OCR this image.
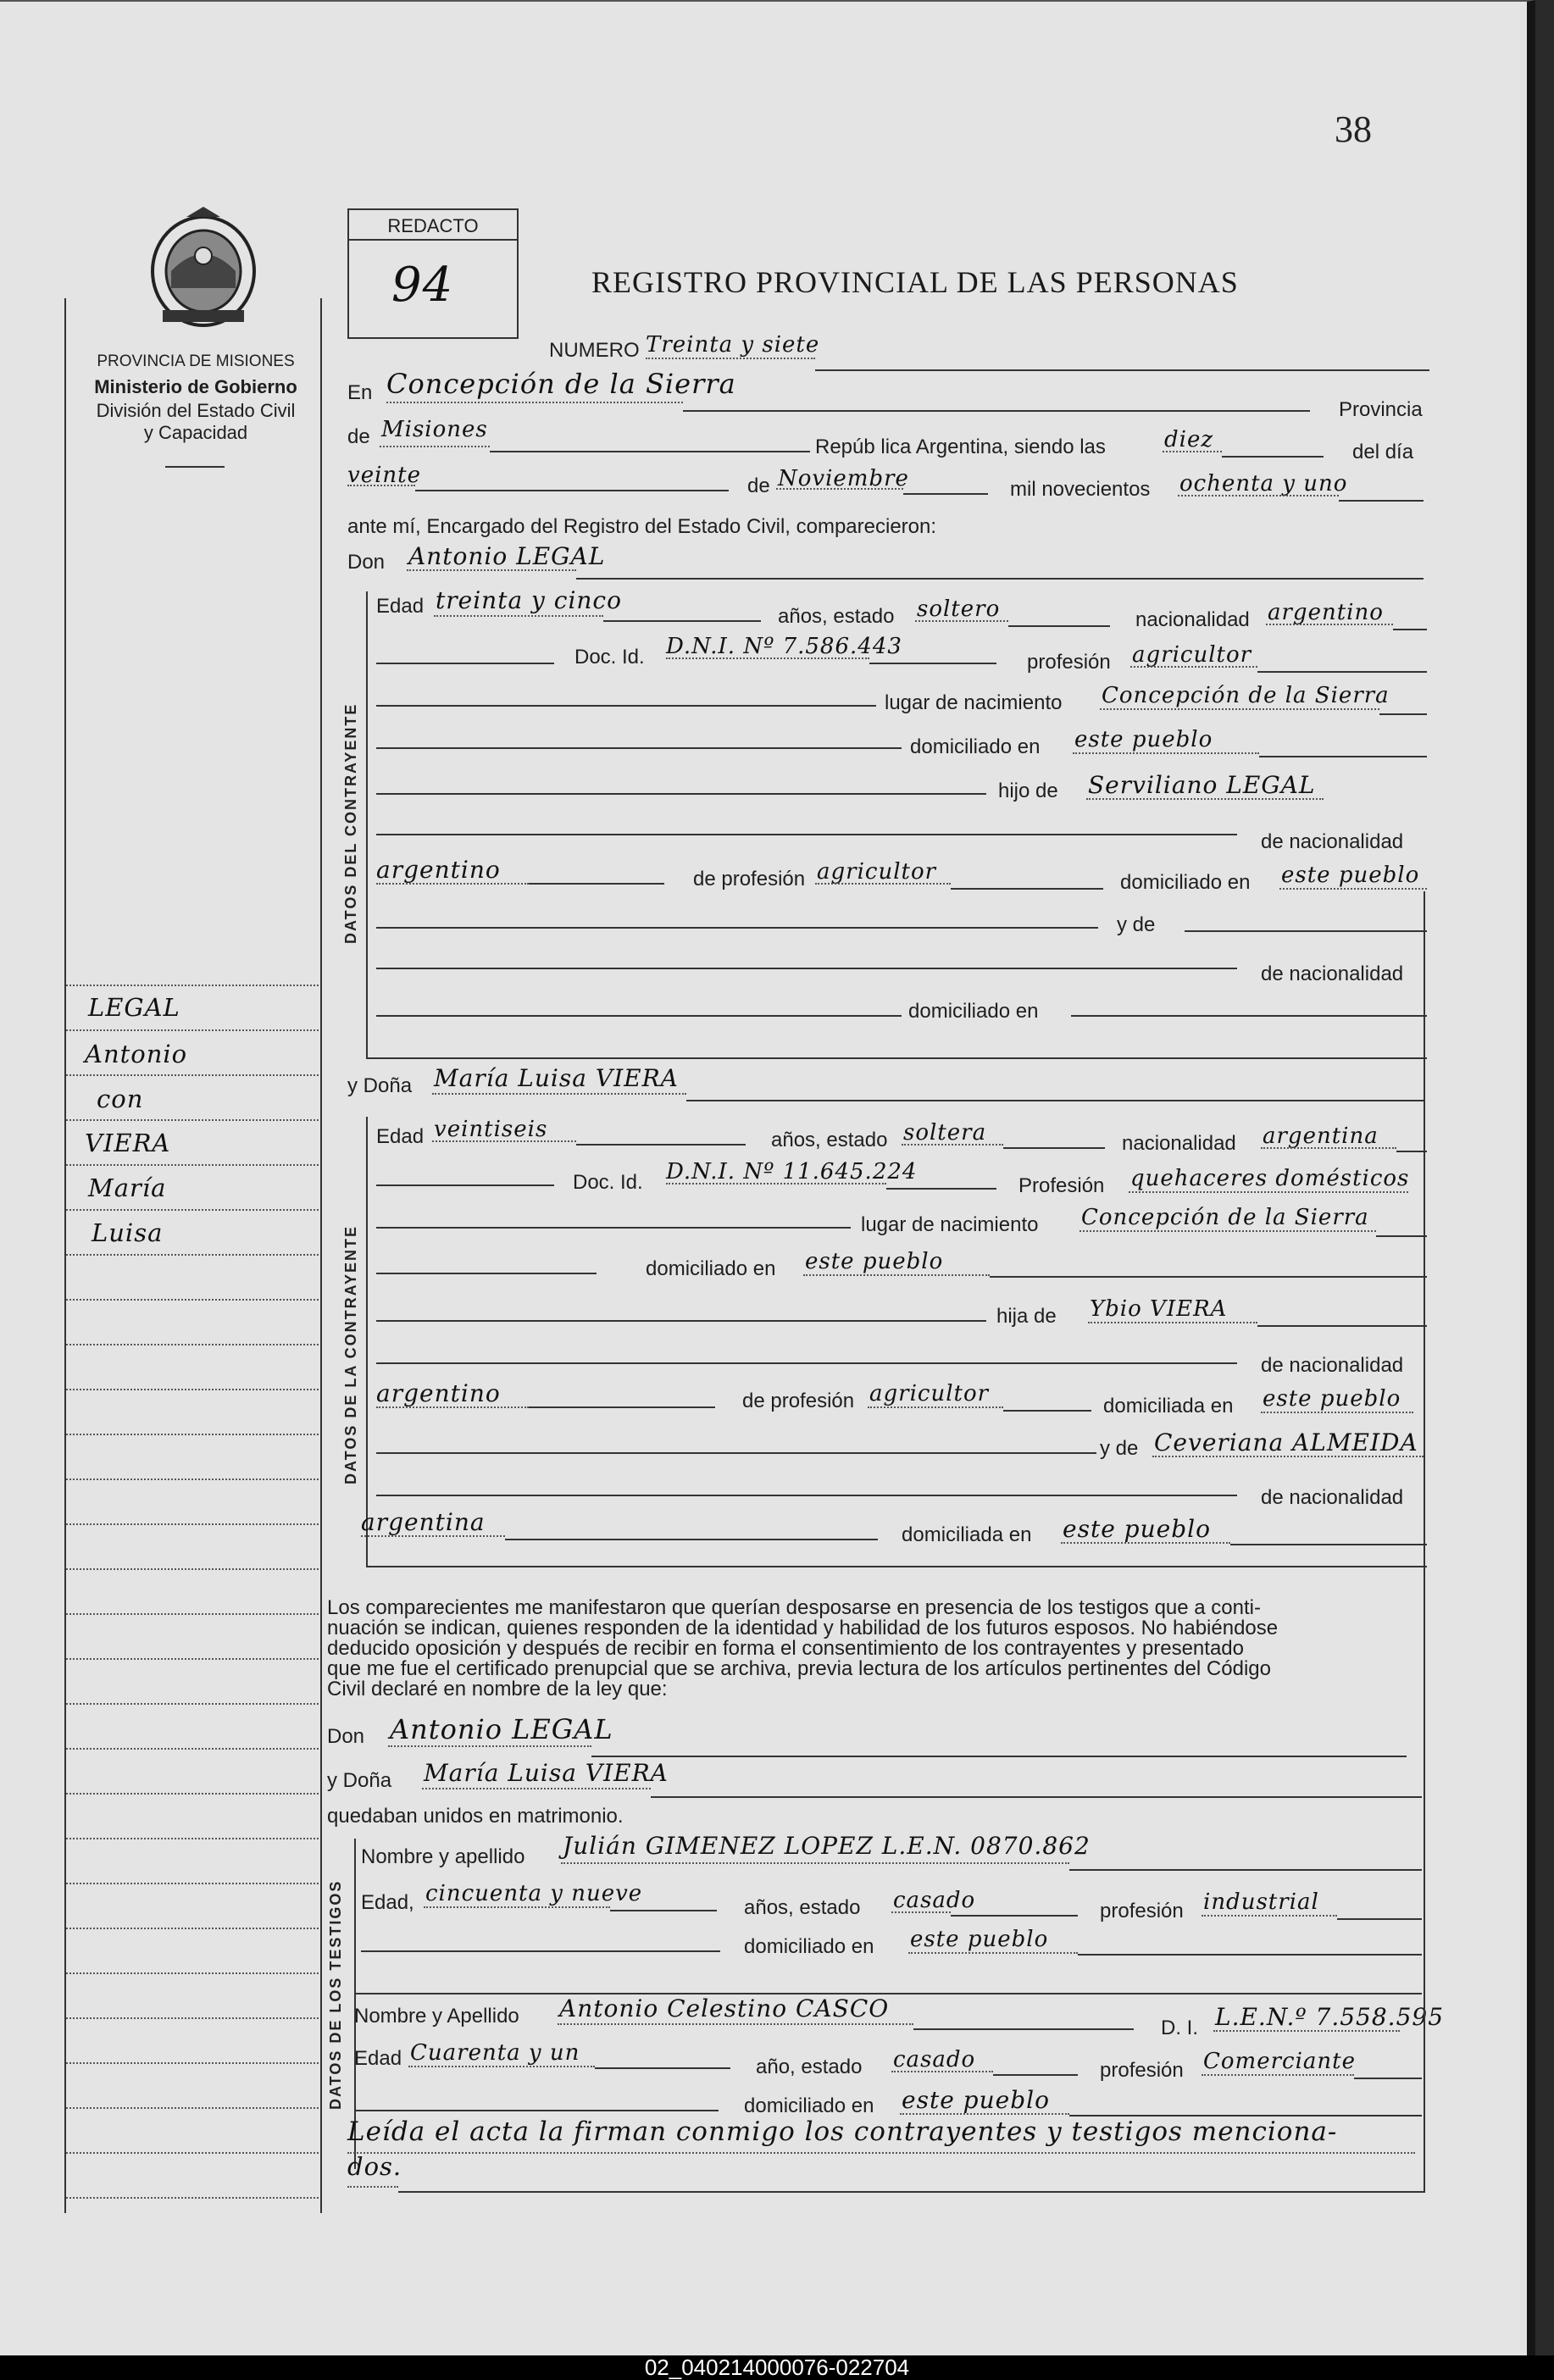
38
PROVINCIA DE MISIONES
Ministerio de Gobierno
División del Estado Civil
y Capacidad
LEGAL
Antonio
con
VIERA
María
Luisa
REDACTO
94	REGISTRO PROVINCIAL DE LAS PERSONAS
NUMERO Treinta y siete
En Concepción de la Sierra
Provincia
de Misiones
Repúb lica Argentina, siendo las	diez	del día
veinte	de Noviembre	mil novecientos ochenta y uno
ante mí, Encargado del Registro del Estado Civil, comparecieron:
Don Antonio LEGAL
DATOS DEL CONTRAYENTE
Edad treinta y cinco
años, estado soltero	nacionalidad argentino
Doc. Id. D.N.I. Nº 7.586.443
profesión agricultor
lugar de nacimiento Concepción de la Sierra
domiciliado en este pueblo
hijo de Serviliano LEGAL
de nacionalidad
argentino	de profesión agricultor	domiciliado en este pueblo
y de
de nacionalidad
domiciliado en
y Doña María Luisa VIERA
DATOS DE LA CONTRAYENTE
Edad veintiseis	años, estado soltera	nacionalidad argentina
Doc. Id. D.N.I. Nº 11.645.224
Profesión quehaceres domésticos
lugar de nacimiento Concepción de la Sierra
domiciliado en este pueblo
hija de Ybio VIERA
de nacionalidad
argentino	de profesión agricultor	domiciliada en este pueblo
y de Ceveriana ALMEIDA
de nacionalidad
argentina	domiciliada en este pueblo
Los comparecientes me manifestaron que querían desposarse en presencia de los testigos que a conti-
nuación se indican, quienes responden de la identidad y habilidad de los futuros esposos. No habiéndose
deducido oposición y después de recibir en forma el consentimiento de los contrayentes y presentado
que me fue el certificado prenupcial que se archiva, previa lectura de los artículos pertinentes del Código
Civil declaré en nombre de la ley que:
Don Antonio LEGAL
y Doña María Luisa VIERA
quedaban unidos en matrimonio.
DATOS DE LOS TESTIGOS
Nombre y apellido Julián GIMENEZ LOPEZ L.E.N. 0870.862
Edad, cincuenta y nueve
años, estado casado	profesión industrial
domiciliado en este pueblo
Nombre y Apellido Antonio Celestino CASCO
D. I. L.E.N.º 7.558.595
Edad Cuarenta y un
año, estado casado	profesión Comerciante
domiciliado en este pueblo
Leída el acta la firman conmigo los contrayentes y testigos menciona-
dos.
02_040214000076-022704
